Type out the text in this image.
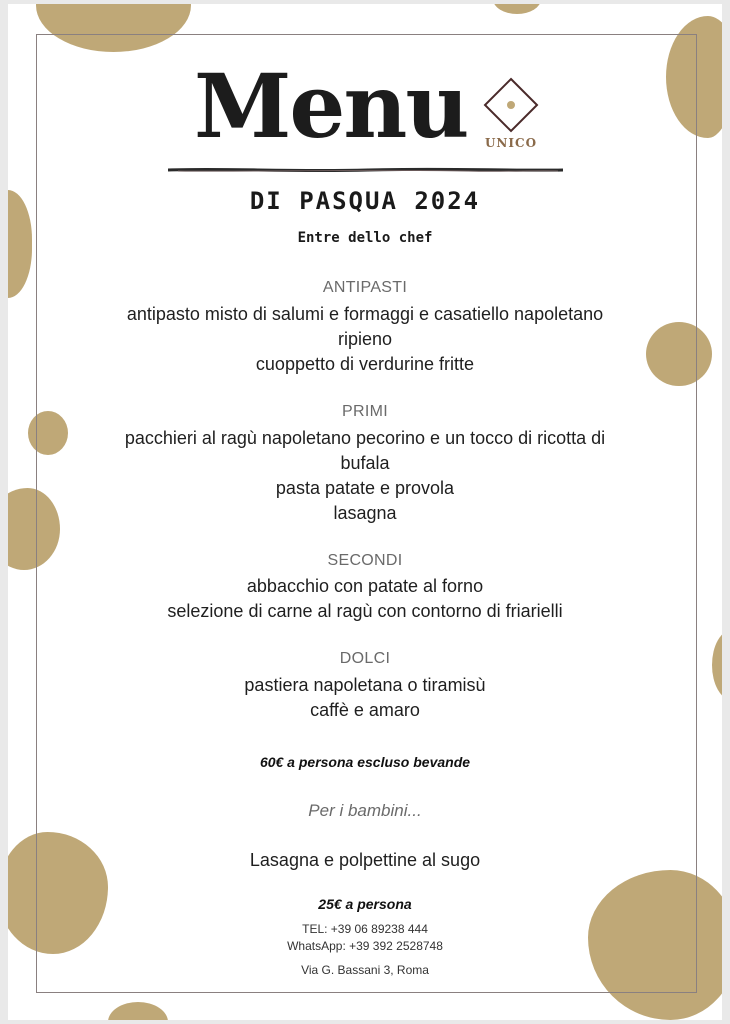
Menu UNICO
DI PASQUA 2024
Entre dello chef
ANTIPASTI
antipasto misto di salumi e formaggi e casatiello napoletano
ripieno
cuoppetto di verdurine fritte
PRIMI
pacchieri al ragù napoletano pecorino e un tocco di ricotta di
bufala
pasta patate e provola
lasagna
SECONDI
abbacchio con patate al forno
selezione di carne al ragù con contorno di friarielli
DOLCI
pastiera napoletana o tiramisù
caffè e amaro
60€ a persona escluso bevande
Per i bambini...
Lasagna e polpettine al sugo
25€ a persona
TEL: +39 06 89238 444
WhatsApp: +39 392 2528748
Via G. Bassani 3, Roma
